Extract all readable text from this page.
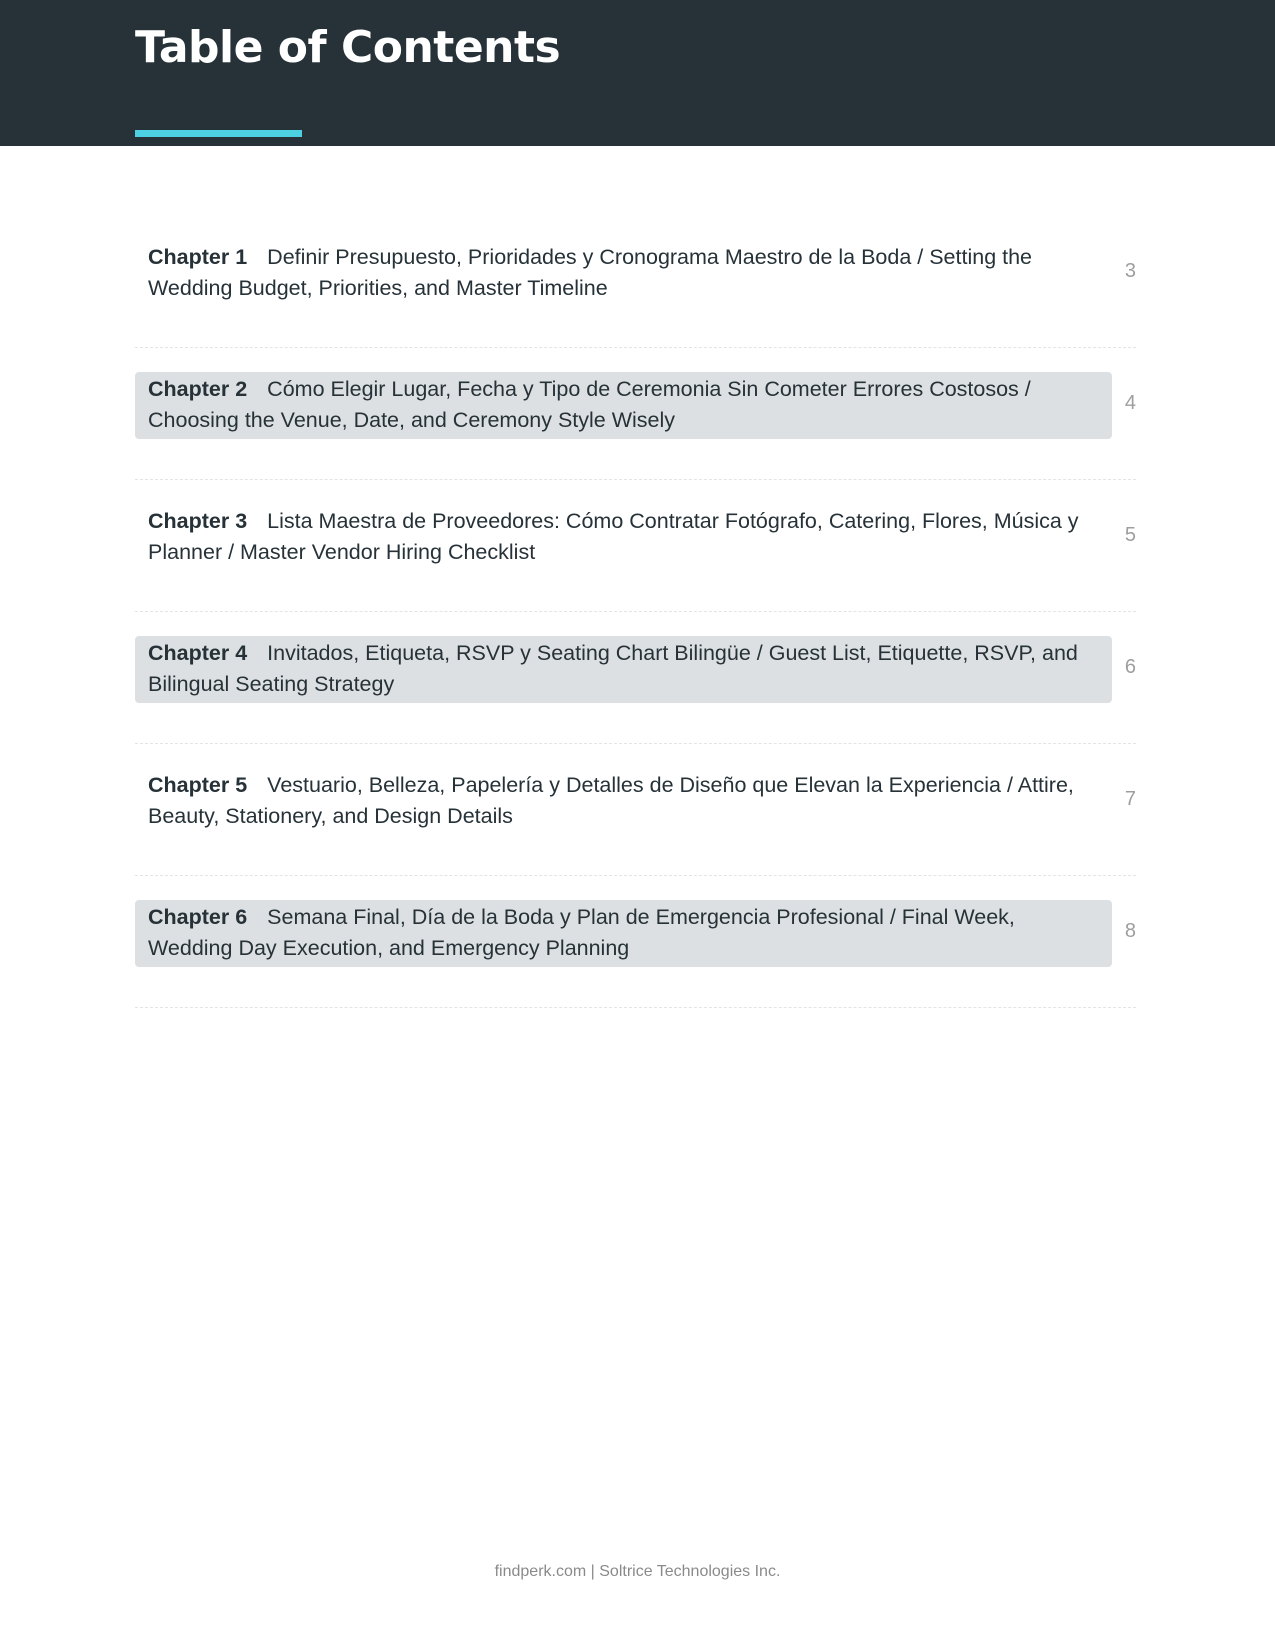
Table of Contents
Chapter 1 Definir Presupuesto, Prioridades y Cronograma Maestro de la Boda / Setting the Wedding Budget, Priorities, and Master Timeline
3
Chapter 2 Cómo Elegir Lugar, Fecha y Tipo de Ceremonia Sin Cometer Errores Costosos / Choosing the Venue, Date, and Ceremony Style Wisely
4
Chapter 3 Lista Maestra de Proveedores: Cómo Contratar Fotógrafo, Catering, Flores, Música y Planner / Master Vendor Hiring Checklist
5
Chapter 4 Invitados, Etiqueta, RSVP y Seating Chart Bilingüe / Guest List, Etiquette, RSVP, and Bilingual Seating Strategy
6
Chapter 5 Vestuario, Belleza, Papelería y Detalles de Diseño que Elevan la Experiencia / Attire, Beauty, Stationery, and Design Details
7
Chapter 6 Semana Final, Día de la Boda y Plan de Emergencia Profesional / Final Week, Wedding Day Execution, and Emergency Planning
8
findperk.com | Soltrice Technologies Inc.
